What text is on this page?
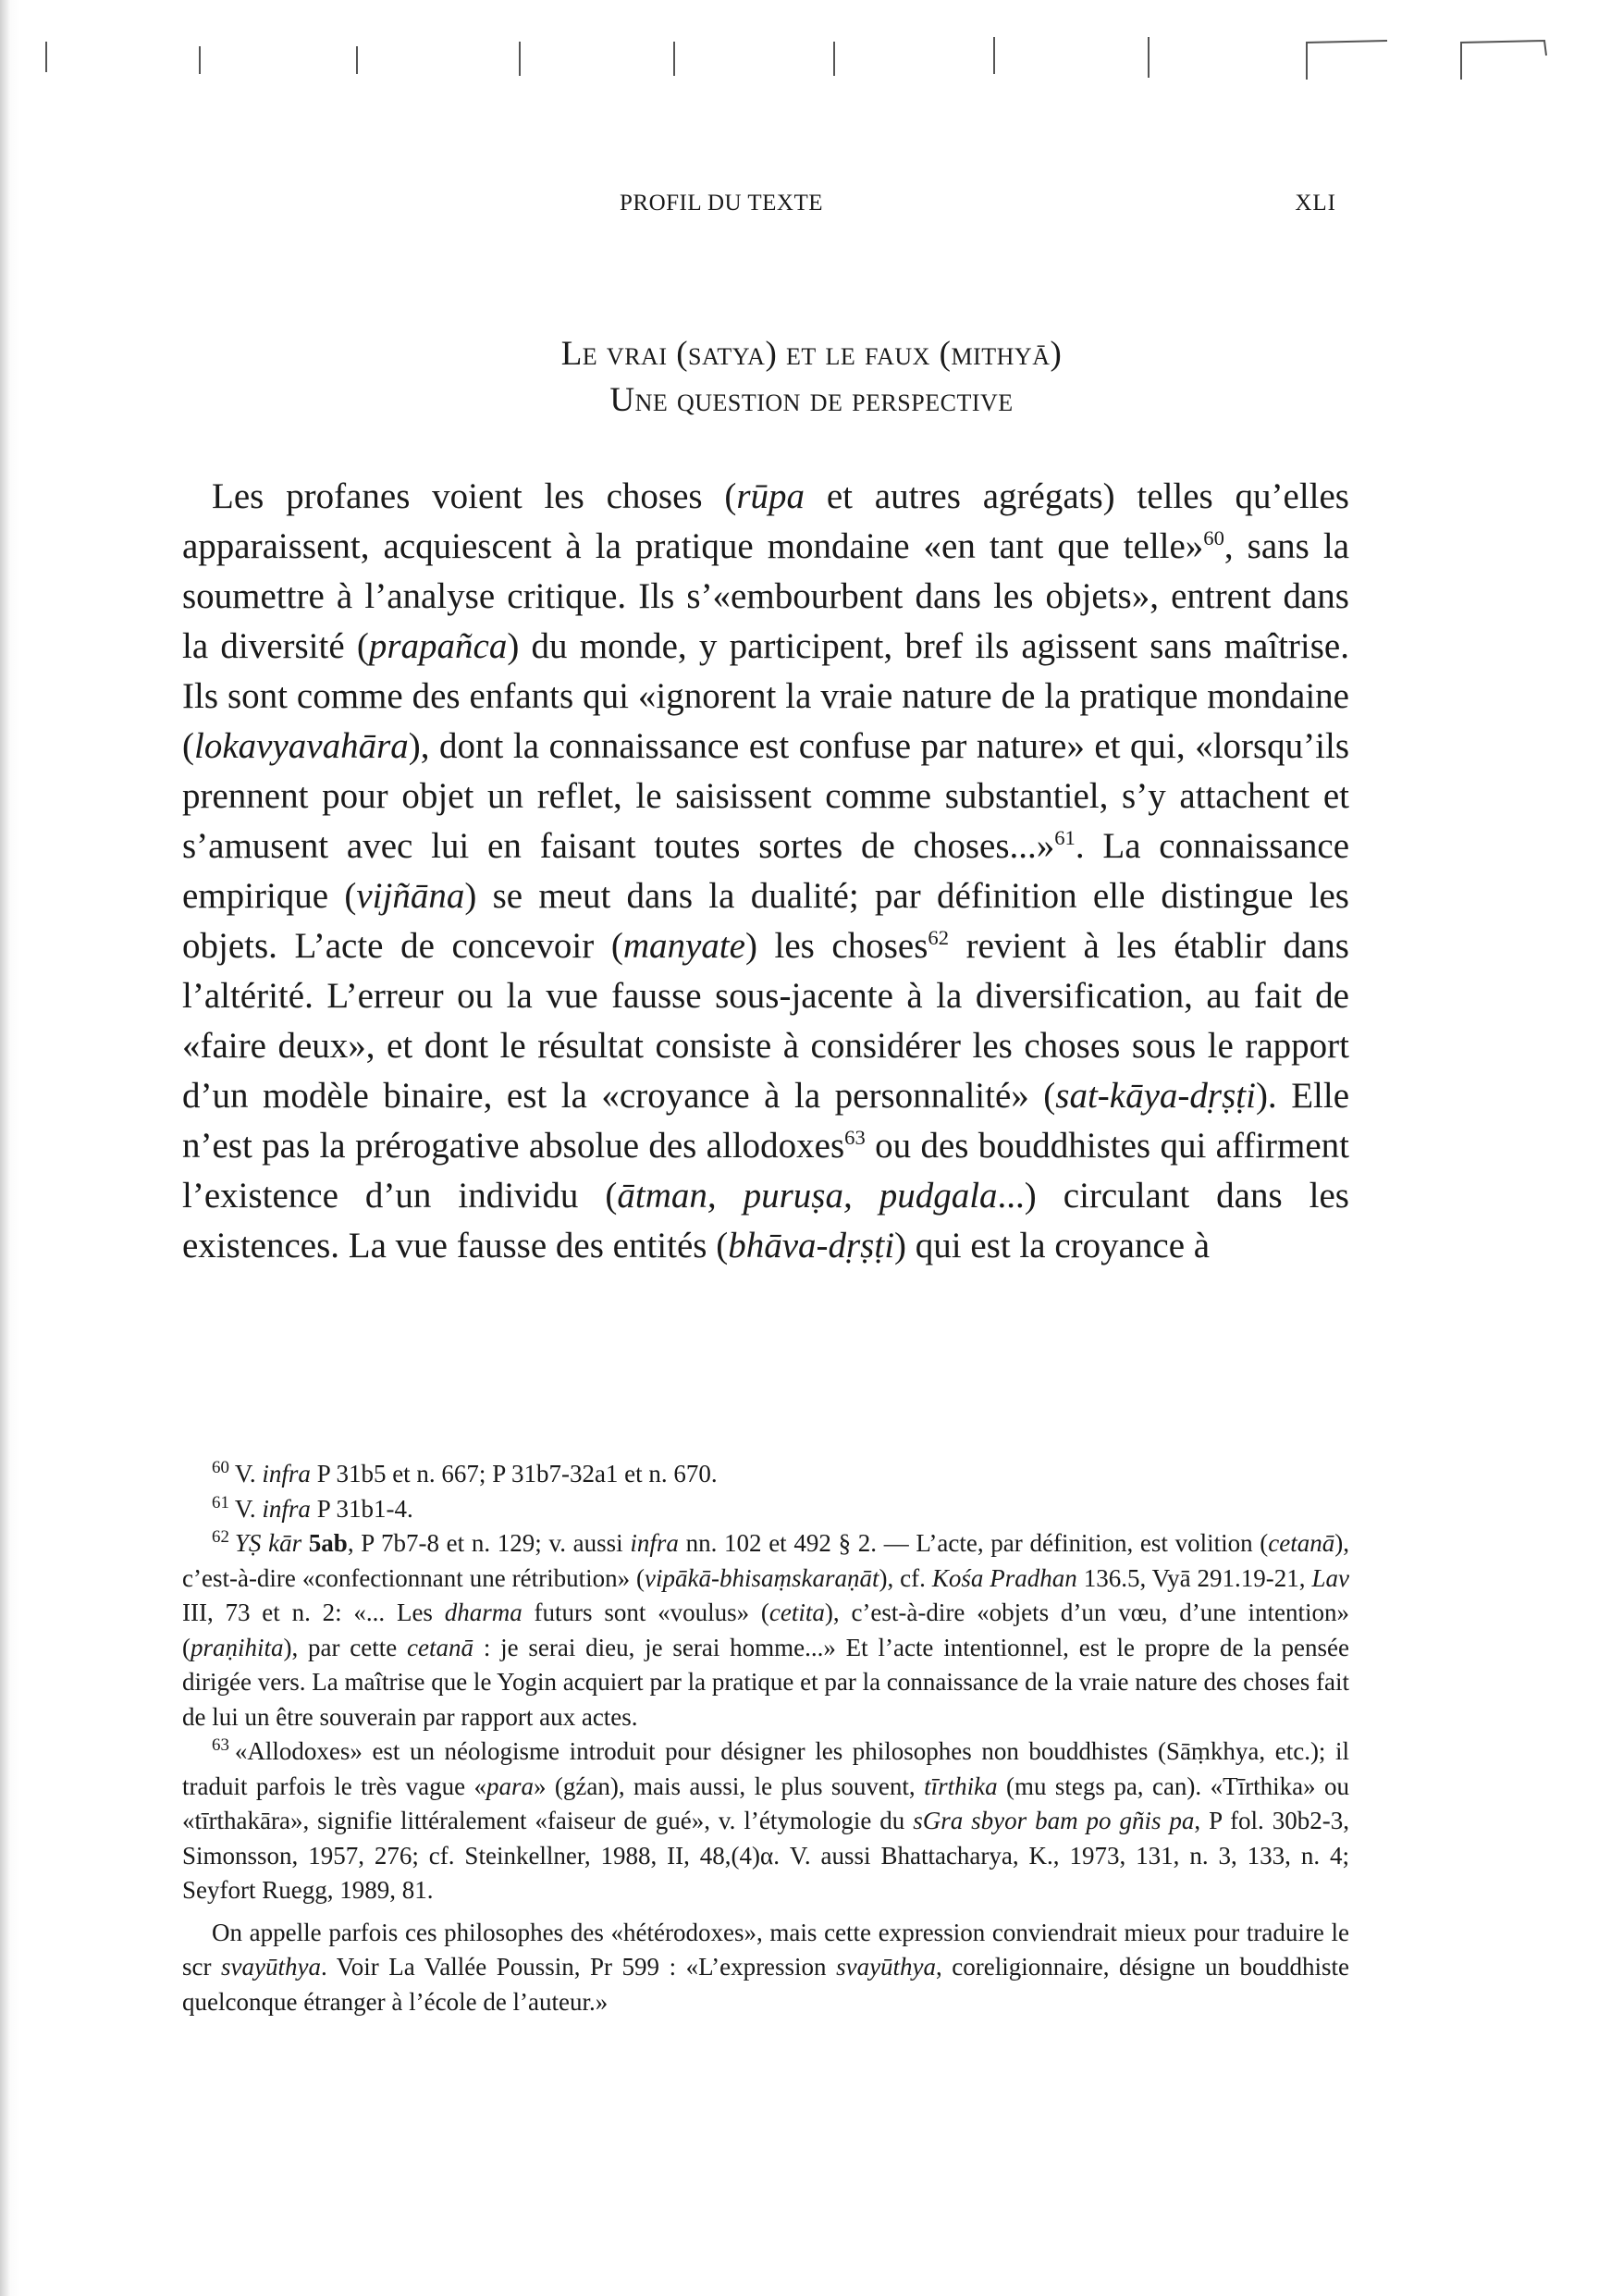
PROFIL DU TEXTE	XLI
Le vrai (satya) et le faux (mithyā)
Une question de perspective

Les profanes voient les choses (rūpa et autres agrégats) telles qu’elles apparaissent, acquiescent à la pratique mondaine «en tant que telle»$^{60}$, sans la soumettre à l’analyse critique. Ils s’«embourbent dans les objets», entrent dans la diversité (prapañca) du monde, y participent, bref ils agissent sans maîtrise. Ils sont comme des enfants qui «ignorent la vraie nature de la pratique mondaine (lokavyavahāra), dont la connaissance est confuse par nature» et qui, «lorsqu’ils prennent pour objet un reflet, le saisissent comme substantiel, s’y attachent et s’amusent avec lui en faisant toutes sortes de choses...»$^{61}$. La connaissance empirique (vijñāna) se meut dans la dualité; par définition elle distingue les objets. L’acte de concevoir (manyate) les choses$^{62}$ revient à les établir dans l’altérité. L’erreur ou la vue fausse sous-jacente à la diversification, au fait de «faire deux», et dont le résultat consiste à considérer les choses sous le rapport d’un modèle binaire, est la «croyance à la personnalité» (sat-kāya-dṛṣṭi). Elle n’est pas la prérogative absolue des allodoxes$^{63}$ ou des bouddhistes qui affirment l’existence d’un individu (ātman, puruṣa, pudgala...) circulant dans les existences. La vue fausse des entités (bhāva-dṛṣṭi) qui est la croyance à

$^{60}$ V. infra P 31b5 et n. 667; P 31b7-32a1 et n. 670.

$^{61}$ V. infra P 31b1-4.

$^{62}$ YṢ kār 5ab, P 7b7-8 et n. 129; v. aussi infra nn. 102 et 492 § 2. — L’acte, par définition, est volition (cetanā), c’est-à-dire «confectionnant une rétribution» (vipākā-bhisaṃskaraṇāt), cf. Kośa Pradhan 136.5, Vyā 291.19-21, Lav III, 73 et n. 2: «... Les dharma futurs sont «voulus» (cetita), c’est-à-dire «objets d’un vœu, d’une intention» (praṇihita), par cette cetanā : je serai dieu, je serai homme...» Et l’acte intentionnel, est le propre de la pensée dirigée vers. La maîtrise que le Yogin acquiert par la pratique et par la connaissance de la vraie nature des choses fait de lui un être souverain par rapport aux actes.

$^{63}$ «Allodoxes» est un néologisme introduit pour désigner les philosophes non bouddhistes (Sāṃkhya, etc.); il traduit parfois le très vague «para» (gźan), mais aussi, le plus souvent, tīrthika (mu stegs pa, can). «Tīrthika» ou «tīrthakāra», signifie littéralement «faiseur de gué», v. l’étymologie du sGra sbyor bam po gñis pa, P fol. 30b2-3, Simonsson, 1957, 276; cf. Steinkellner, 1988, II, 48,(4)α. V. aussi Bhattacharya, K., 1973, 131, n. 3, 133, n. 4; Seyfort Ruegg, 1989, 81.

On appelle parfois ces philosophes des «hétérodoxes», mais cette expression conviendrait mieux pour traduire le scr svayūthya. Voir La Vallée Poussin, Pr 599 : «L’expression svayūthya, coreligionnaire, désigne un bouddhiste quelconque étranger à l’école de l’auteur.»
